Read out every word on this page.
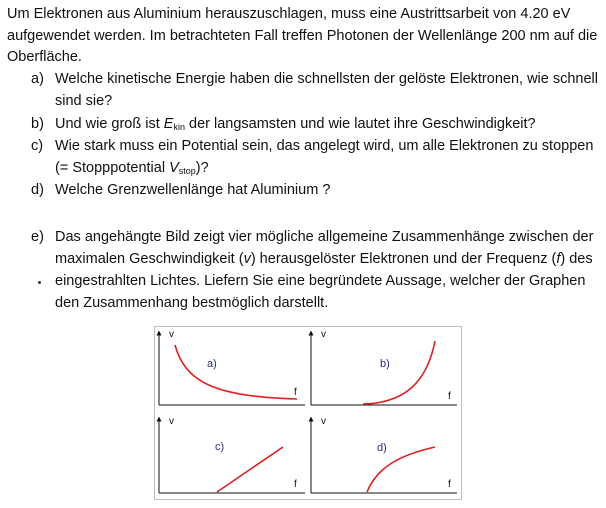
Um Elektronen aus Aluminium herauszuschlagen, muss eine Austrittsarbeit von 4.20 eV aufgewendet werden. Im betrachteten Fall treffen Photonen der Wellenlänge 200 nm auf die Oberfläche.
a) Welche kinetische Energie haben die schnellsten der gelöste Elektronen, wie schnell
sind sie?
b) Und wie groß ist $E_{kin}$ der langsamsten und wie lautet ihre Geschwindigkeit?
c) Wie stark muss ein Potential sein, das angelegt wird, um alle Elektronen zu stoppen
(= Stopppotential $V_{stop}$)?
d) Welche Grenzwellenlänge hat Aluminium ?
e) Das angehängte Bild zeigt vier mögliche allgemeine Zusammenhänge zwischen der
maximalen Geschwindigkeit (v) herausgelöster Elektronen und der Frequenz (f) des
eingestrahlten Lichtes. Liefern Sie eine begründete Aussage, welcher der Graphen
den Zusammenhang bestmöglich darstellt.
v
f
a)
v
f
b)
v
f
c)
v
f
d)
